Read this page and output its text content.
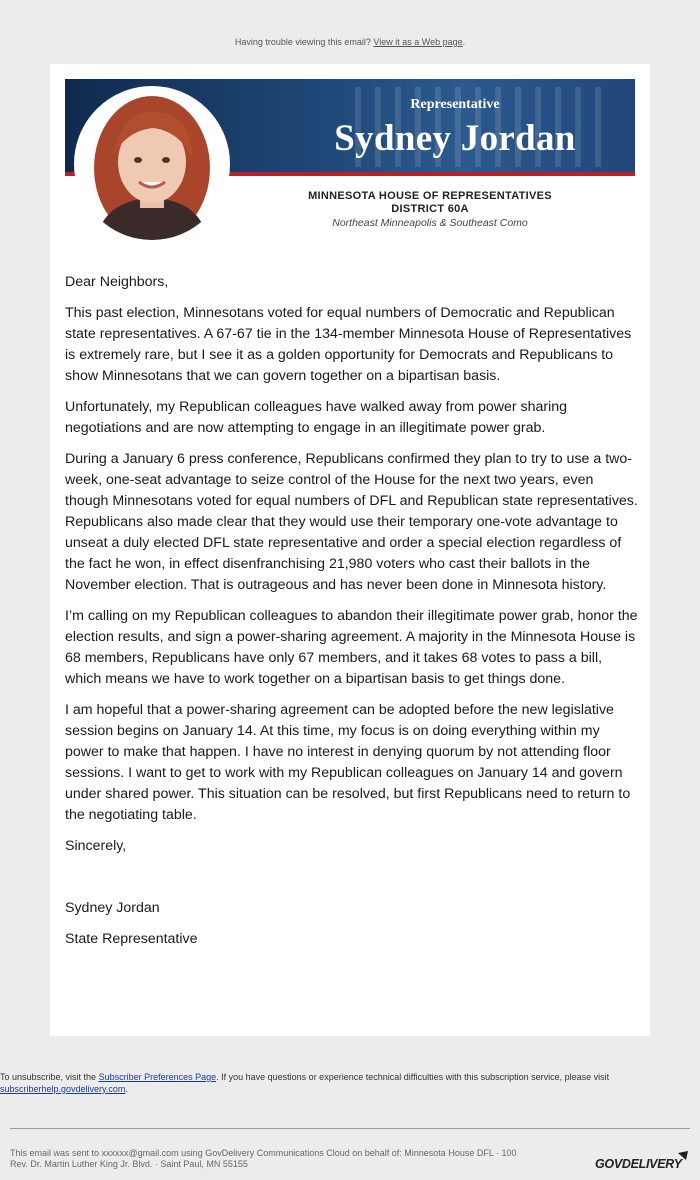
Having trouble viewing this email? View it as a Web page.
Representative
Sydney Jordan
MINNESOTA HOUSE OF REPRESENTATIVES
DISTRICT 60A
Northeast Minneapolis & Southeast Como

Dear Neighbors,

This past election, Minnesotans voted for equal numbers of Democratic and Republican state representatives. A 67-67 tie in the 134-member Minnesota House of Representatives is extremely rare, but I see it as a golden opportunity for Democrats and Republicans to show Minnesotans that we can govern together on a bipartisan basis.

Unfortunately, my Republican colleagues have walked away from power sharing negotiations and are now attempting to engage in an illegitimate power grab.

During a January 6 press conference, Republicans confirmed they plan to try to use a two-week, one-seat advantage to seize control of the House for the next two years, even though Minnesotans voted for equal numbers of DFL and Republican state representatives. Republicans also made clear that they would use their temporary one-vote advantage to unseat a duly elected DFL state representative and order a special election regardless of the fact he won, in effect disenfranchising 21,980 voters who cast their ballots in the November election. That is outrageous and has never been done in Minnesota history.

I’m calling on my Republican colleagues to abandon their illegitimate power grab, honor the election results, and sign a power-sharing agreement. A majority in the Minnesota House is 68 members, Republicans have only 67 members, and it takes 68 votes to pass a bill, which means we have to work together on a bipartisan basis to get things done.

I am hopeful that a power-sharing agreement can be adopted before the new legislative session begins on January 14. At this time, my focus is on doing everything within my power to make that happen. I have no interest in denying quorum by not attending floor sessions. I want to get to work with my Republican colleagues on January 14 and govern under shared power. This situation can be resolved, but first Republicans need to return to the negotiating table.

Sincerely,

Sydney Jordan

State Representative

To unsubscribe, visit the Subscriber Preferences Page. If you have questions or experience technical difficulties with this subscription service, please visit subscriberhelp.govdelivery.com.
This email was sent to xxxxxx@gmail.com using GovDelivery Communications Cloud on behalf of: Minnesota House DFL · 100
Rev. Dr. Martin Luther King Jr. Blvd. · Saint Paul, MN 55155	GOVDELIVERY
